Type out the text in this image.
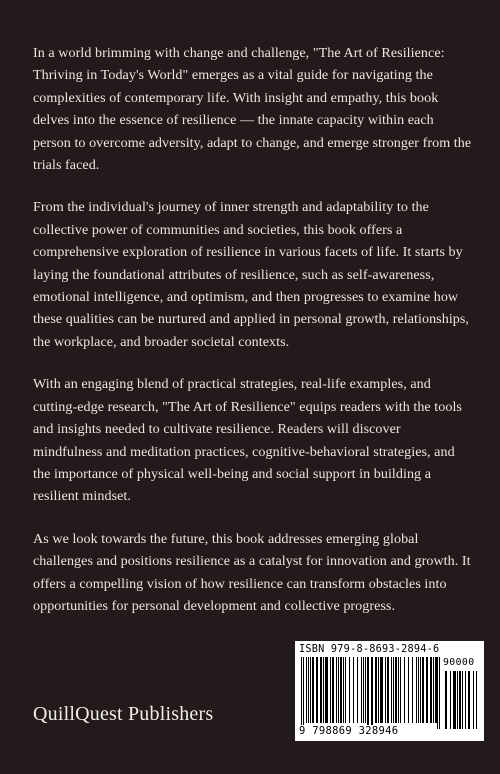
In a world brimming with change and challenge, "The Art of Resilience: Thriving in Today's World" emerges as a vital guide for navigating the complexities of contemporary life. With insight and empathy, this book delves into the essence of resilience — the innate capacity within each person to overcome adversity, adapt to change, and emerge stronger from the trials faced.

From the individual's journey of inner strength and adaptability to the collective power of communities and societies, this book offers a comprehensive exploration of resilience in various facets of life. It starts by laying the foundational attributes of resilience, such as self-awareness, emotional intelligence, and optimism, and then progresses to examine how these qualities can be nurtured and applied in personal growth, relationships, the workplace, and broader societal contexts.

With an engaging blend of practical strategies, real-life examples, and cutting-edge research, "The Art of Resilience" equips readers with the tools and insights needed to cultivate resilience. Readers will discover mindfulness and meditation practices, cognitive-behavioral strategies, and the importance of physical well-being and social support in building a resilient mindset.

As we look towards the future, this book addresses emerging global challenges and positions resilience as a catalyst for innovation and growth. It offers a compelling vision of how resilience can transform obstacles into opportunities for personal development and collective progress.

QuillQuest Publishers
ISBN 979-8-8693-2894-6
90000
9 798869 328946
